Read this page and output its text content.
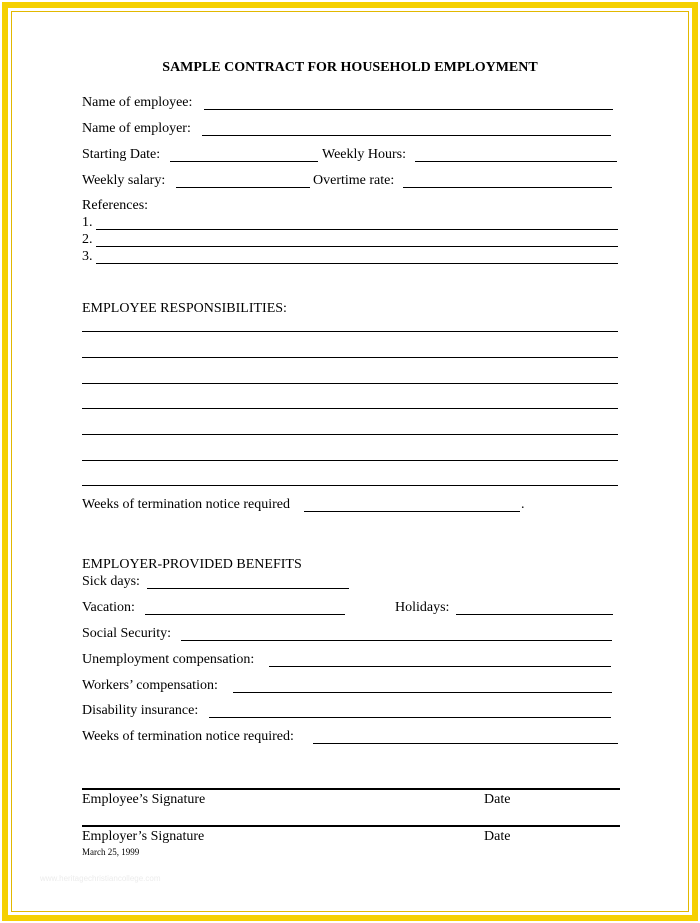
SAMPLE CONTRACT FOR HOUSEHOLD EMPLOYMENT
Name of employee:
Name of employer:
Starting Date:	Weekly Hours:
Weekly salary:	Overtime rate:
References:
1.
2.
3.
EMPLOYEE RESPONSIBILITIES:
Weeks of termination notice required	.
EMPLOYER-PROVIDED BENEFITS
Sick days:
Vacation:	Holidays:
Social Security:
Unemployment compensation:
Workers’ compensation:
Disability insurance:
Weeks of termination notice required:
Employee’s Signature	Date
Employer’s Signature	Date
March 25, 1999
www.heritagechristiancollege.com
